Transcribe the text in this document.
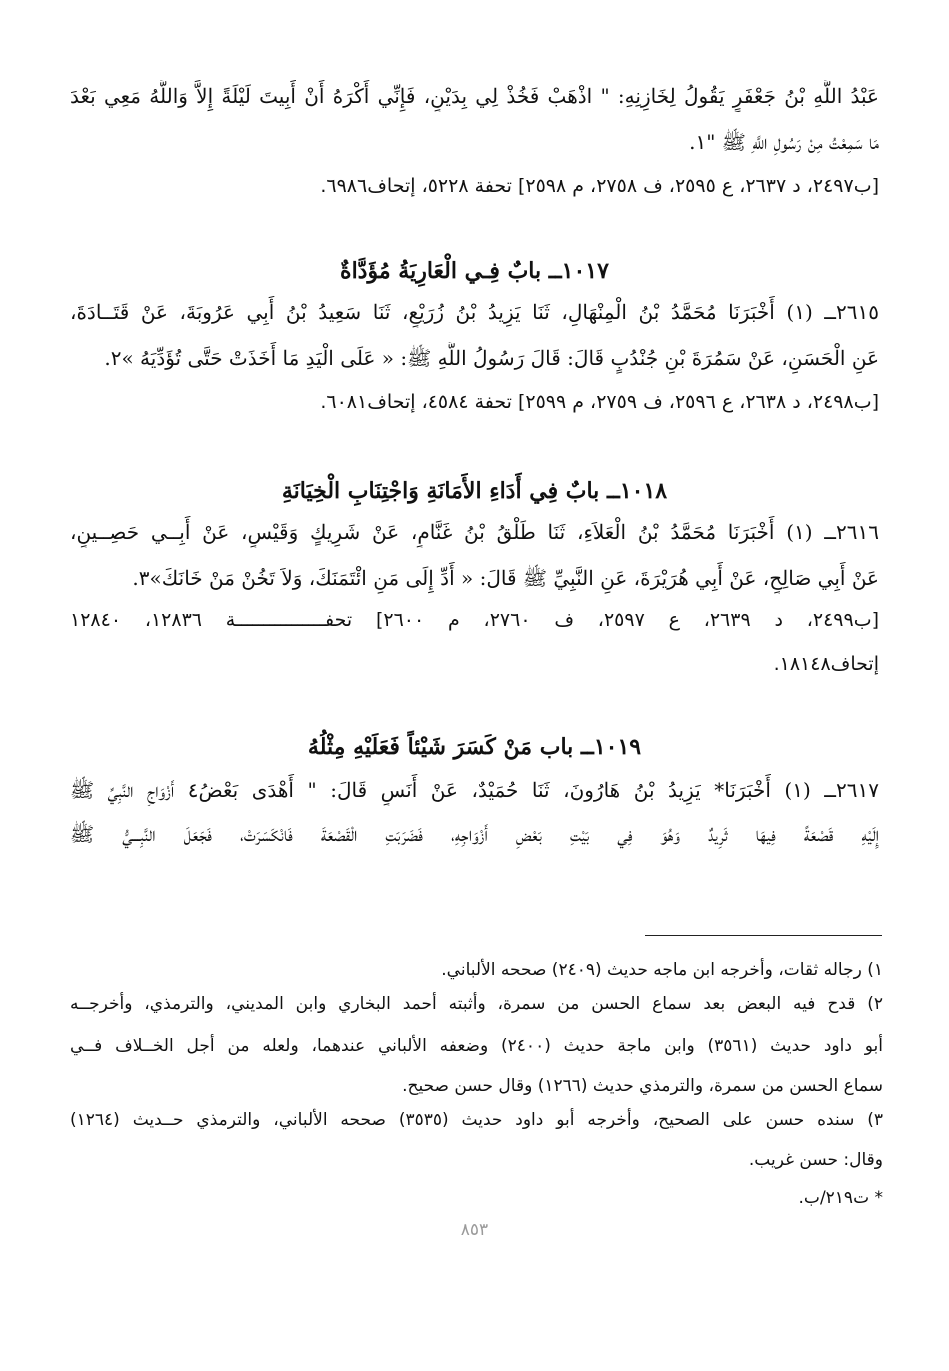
عَبْدُ اللَّهِ بْنُ جَعْفَرٍ يَقُولُ لِخَازِنِهِ: " اذْهَبْ فَخُذْ لِي بِدَيْنٍ، فَإِنِّي أَكْرَهُ أَنْ أَبِيتَ لَيْلَةً إِلاَّ وَاللَّهُ مَعِي بَعْدَ
مَا سَمِعْتُ مِنْ رَسُولِ اللَّهِ ﷺ "١.
[ب٢٤٩٧، د ٢٦٣٧، ع ٢٥٩٥، ف ٢٧٥٨، م ٢٥٩٨] تحفة ٥٢٢٨، إتحاف٦٩٨٦.
١٠١٧ــ بابٌ فِـي الْعَارِيَةُ مُؤَدَّاةٌ
٢٦١٥ــ (١) أَخْبَرَنَا مُحَمَّدُ بْنُ الْمِنْهَالِ، ثَنَا يَزِيدُ بْنُ زُرَيْعٍ، ثَنَا سَعِيدُ بْنُ أَبِي عَرُوبَةَ، عَنْ قَتَــادَةَ،
عَنِ الْحَسَنِ، عَنْ سَمُرَةَ بْنِ جُنْدُبٍ قَالَ: قَالَ رَسُولُ اللَّهِ ﷺ: « عَلَى الْيَدِ مَا أَخَذَتْ حَتَّى تُؤَدِّيَهُ »٢.
[ب٢٤٩٨، د ٢٦٣٨، ع ٢٥٩٦، ف ٢٧٥٩، م ٢٥٩٩] تحفة ٤٥٨٤، إتحاف٦٠٨١.
١٠١٨ــ بابٌ فِي أَدَاءِ الأَمَانَةِ وَاجْتِنَابِ الْخِيَانَةِ
٢٦١٦ــ (١) أَخْبَرَنَا مُحَمَّدُ بْنُ الْعَلاَءِ، ثَنَا طَلْقُ بْنُ غَنَّامٍ، عَنْ شَرِيكٍ وَقَيْسٍ، عَنْ أَبِــي حَصِــينٍ،
عَنْ أَبِي صَالِحٍ، عَنْ أَبِي هُرَيْرَةَ، عَنِ النَّبِيِّ ﷺ قَالَ: « أَدِّ إِلَى مَنِ ائْتَمَنَكَ، وَلاَ تَخُنْ مَنْ خَانَكَ»٣.
[ب٢٤٩٩، د ٢٦٣٩، ع ٢٥٩٧، ف ٢٧٦٠، م ٢٦٠٠] تحفــــــــــــــــة ١٢٨٣٦، ١٢٨٤٠
إتحاف١٨١٤٨.
١٠١٩ــ باب مَنْ كَسَرَ شَيْئاً فَعَلَيْهِ مِثْلُهُ
٢٦١٧ــ (١) أَخْبَرَنَا* يَزِيدُ بْنُ هَارُونَ، ثَنَا حُمَيْدٌ، عَنْ أَنَسٍ قَالَ: " أَهْدَى بَعْضُ٤ أَزْوَاجِ النَّبِيِّ ﷺ
إِلَيْهِ قَصْعَةً فِيهَا ثَرِيدٌ وَهُوَ فِي بَيْتِ بَعْضِ أَزْوَاجِهِ، فَضَرَبَتِ الْقَصْعَةَ فَانْكَسَرَتْ، فَجَعَلَ النَّبِـــيُّ ﷺ
١) رجاله ثقات، وأخرجه ابن ماجه حديث (٢٤٠٩) صححه الألباني.
٢) قدح فيه البعض بعد سماع الحسن من سمرة، وأثبته أحمد البخاري وابن المديني، والترمذي، وأخرجــه
أبو داود حديث (٣٥٦١) وابن ماجة حديث (٢٤٠٠) وضعفه الألباني عندهما، ولعله من أجل الخــلاف فــي
سماع الحسن من سمرة، والترمذي حديث (١٢٦٦) وقال حسن صحيح.
٣) سنده حسن على الصحيح، وأخرجه أبو داود حديث (٣٥٣٥) صححه الألباني، والترمذي حــديث (١٢٦٤)
وقال: حسن غريب.
* ت٢١٩/ب.
٨٥٣
